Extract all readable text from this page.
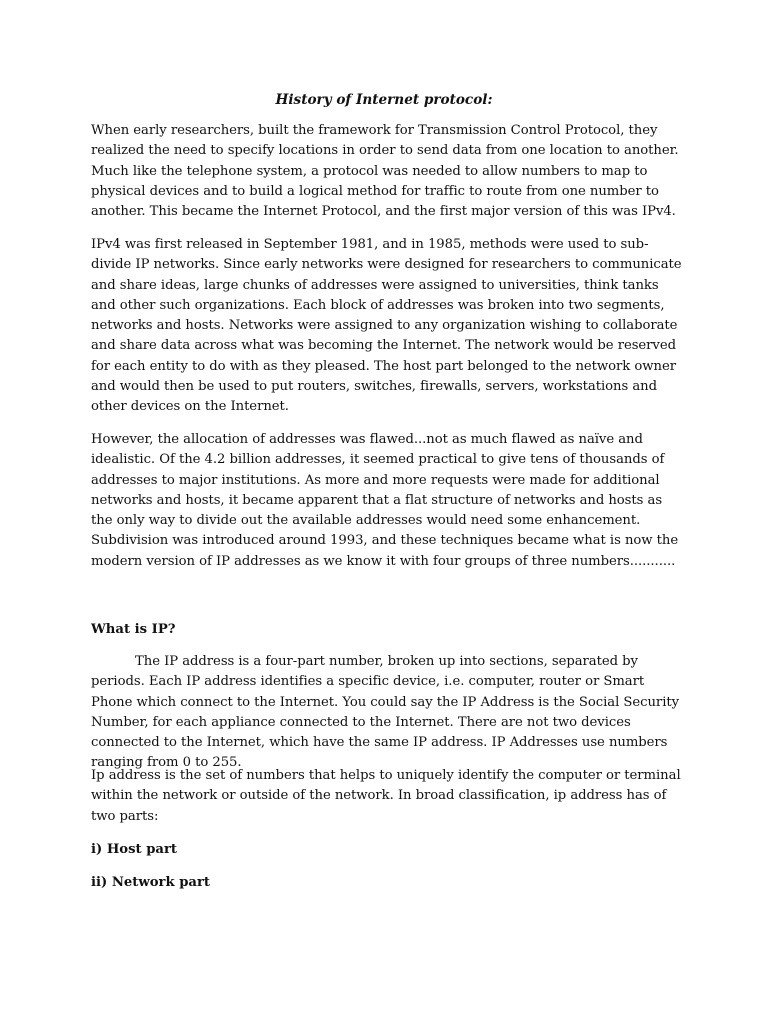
History of Internet protocol:

When early researchers, built the framework for Transmission Control Protocol, they realized the need to specify locations in order to send data from one location to another. Much like the telephone system, a protocol was needed to allow numbers to map to physical devices and to build a logical method for traffic to route from one number to another. This became the Internet Protocol, and the first major version of this was IPv4.

IPv4 was first released in September 1981, and in 1985, methods were used to sub-divide IP networks. Since early networks were designed for researchers to communicate and share ideas, large chunks of addresses were assigned to universities, think tanks and other such organizations. Each block of addresses was broken into two segments, networks and hosts. Networks were assigned to any organization wishing to collaborate and share data across what was becoming the Internet. The network would be reserved for each entity to do with as they pleased. The host part belonged to the network owner and would then be used to put routers, switches, firewalls, servers, workstations and other devices on the Internet.

However, the allocation of addresses was flawed...not as much flawed as naïve and idealistic. Of the 4.2 billion addresses, it seemed practical to give tens of thousands of addresses to major institutions. As more and more requests were made for additional networks and hosts, it became apparent that a flat structure of networks and hosts as the only way to divide out the available addresses would need some enhancement. Subdivision was introduced around 1993, and these techniques became what is now the modern version of IP addresses as we know it with four groups of three numbers...........

What is IP?

The IP address is a four-part number, broken up into sections, separated by periods. Each IP address identifies a specific device, i.e. computer, router or Smart Phone which connect to the Internet. You could say the IP Address is the Social Security Number, for each appliance connected to the Internet. There are not two devices connected to the Internet, which have the same IP address. IP Addresses use numbers ranging from 0 to 255.

Ip address is the set of numbers that helps to uniquely identify the computer or terminal within the network or outside of the network. In broad classification, ip address has of two parts:

i) Host part

ii) Network part
